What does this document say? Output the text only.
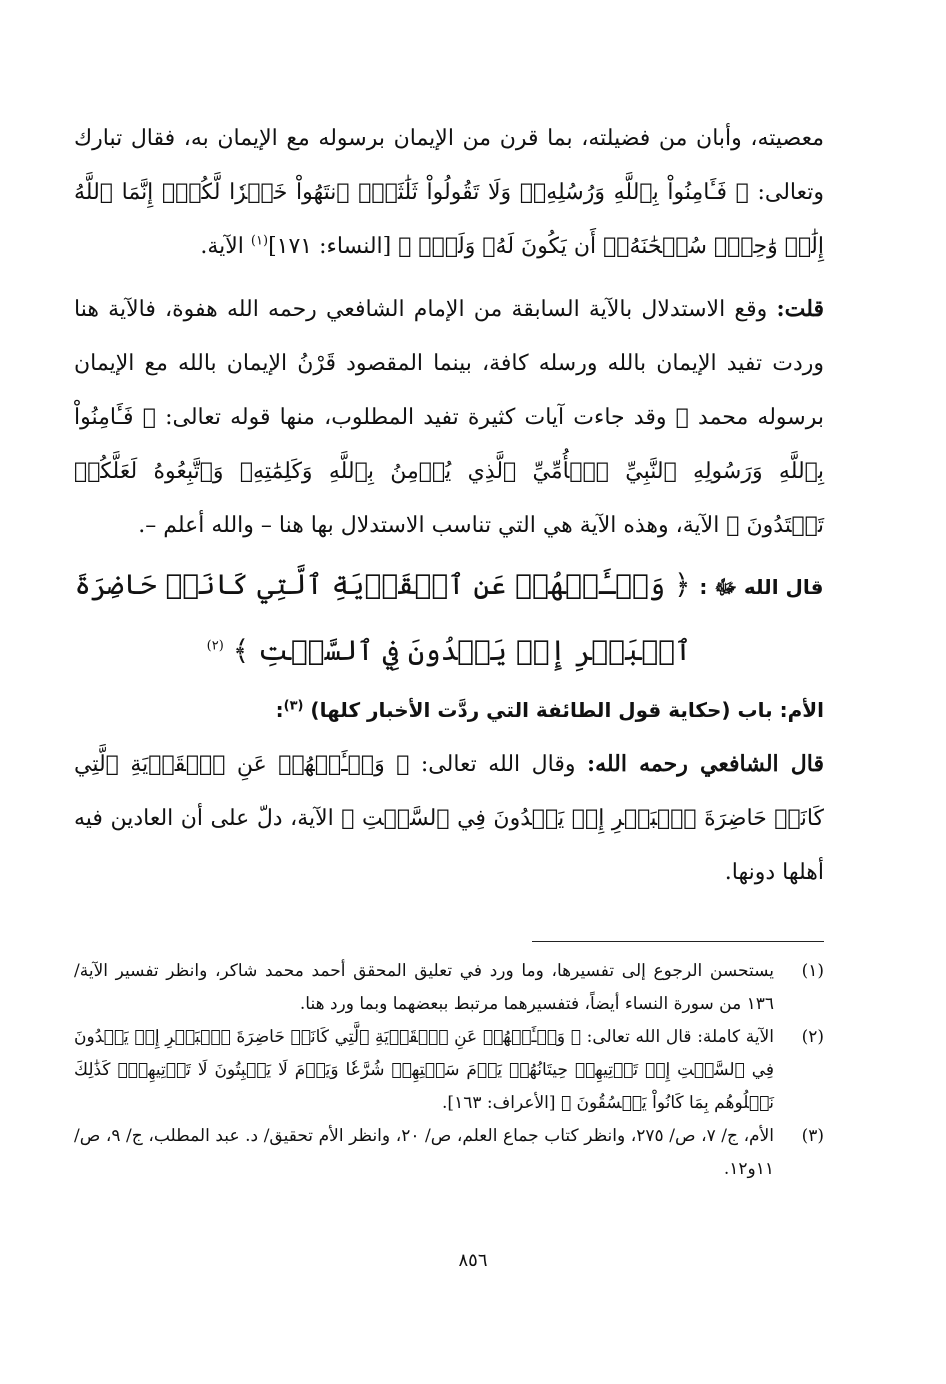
معصيته، وأبان من فضيلته، بما قرن من الإيمان برسوله مع الإيمان به، فقال تبارك وتعالى: ﴿ فَـَٔامِنُواْ بِٱللَّهِ وَرُسُلِهِۦۖ وَلَا تَقُولُواْ ثَلَٰثَةٌۚ ٱنتَهُواْ خَيۡرٗا لَّكُمۡۚ إِنَّمَا ٱللَّهُ إِلَٰهٞ وَٰحِدٞۖ سُبۡحَٰنَهُۥٓ أَن يَكُونَ لَهُۥ وَلَدٞۘ ﴾ [النساء: ١٧١]$^{(١)}$ الآية.

قلت: وقع الاستدلال بالآية السابقة من الإمام الشافعي رحمه الله هفوة، فالآية هنا وردت تفيد الإيمان بالله ورسله كافة، بينما المقصود قَرْنُ الإيمان بالله مع الإيمان برسوله محمد ﷺ وقد جاءت آيات كثيرة تفيد المطلوب، منها قوله تعالى: ﴿ فَـَٔامِنُواْ بِٱللَّهِ وَرَسُولِهِ ٱلنَّبِيِّ ٱلۡأُمِّيِّ ٱلَّذِي يُؤۡمِنُ بِٱللَّهِ وَكَلِمَٰتِهِۦ وَٱتَّبِعُوهُ لَعَلَّكُمۡ تَهۡتَدُونَ ﴾ الآية، وهذه الآية هي التي تناسب الاستدلال بها هنا – والله أعلم –.

قال الله ﷻ : ﴿ وَسۡـَٔلۡهُمۡ عَنِ ٱلۡقَرۡيَةِ ٱلَّتِي كَانَتۡ حَاضِرَةَ ٱلۡبَحۡرِ إِذۡ يَعۡدُونَ فِي ٱلسَّبۡتِ ﴾ $^{(٢)}$

الأم: باب (حكاية قول الطائفة التي ردَّت الأخبار كلها) $^{(٣)}$:

قال الشافعي رحمه الله: وقال الله تعالى: ﴿ وَسۡـَٔلۡهُمۡ عَنِ ٱلۡقَرۡيَةِ ٱلَّتِي كَانَتۡ حَاضِرَةَ ٱلۡبَحۡرِ إِذۡ يَعۡدُونَ فِي ٱلسَّبۡتِ ﴾ الآية، دلّ على أن العادين فيه أهلها دونها.

(١)
يستحسن الرجوع إلى تفسيرها، وما ورد في تعليق المحقق أحمد محمد شاكر، وانظر تفسير الآية/ ١٣٦ من سورة النساء أيضاً، فتفسيرهما مرتبط ببعضهما وبما ورد هنا.
(٢)
الآية كاملة: قال الله تعالى: ﴿ وَسۡـَٔلۡهُمۡ عَنِ ٱلۡقَرۡيَةِ ٱلَّتِي كَانَتۡ حَاضِرَةَ ٱلۡبَحۡرِ إِذۡ يَعۡدُونَ فِي ٱلسَّبۡتِ إِذۡ تَأۡتِيهِمۡ حِيتَانُهُمۡ يَوۡمَ سَبۡتِهِمۡ شُرَّعٗا وَيَوۡمَ لَا يَسۡبِتُونَ لَا تَأۡتِيهِمۡۚ كَذَٰلِكَ نَبۡلُوهُم بِمَا كَانُواْ يَفۡسُقُونَ ﴾ [الأعراف: ١٦٣].
(٣)
الأم، ج/ ٧، ص/ ٢٧٥، وانظر كتاب جماع العلم، ص/ ٢٠، وانظر الأم تحقيق/ د. عبد المطلب، ج/ ٩، ص/ ١١و١٢.
٨٥٦
